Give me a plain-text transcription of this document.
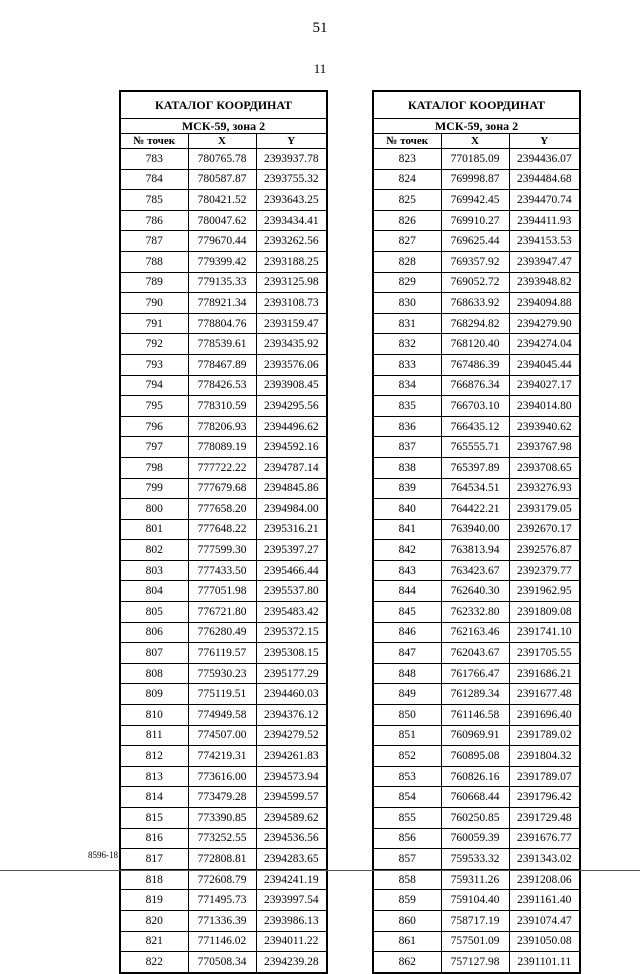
51
11
КАТАЛОГ КООРДИНАТ		
МСК-59, зона 2		
№ точек	X	Y
783	780765.78	2393937.78
784	780587.87	2393755.32
785	780421.52	2393643.25
786	780047.62	2393434.41
787	779670.44	2393262.56
788	779399.42	2393188.25
789	779135.33	2393125.98
790	778921.34	2393108.73
791	778804.76	2393159.47
792	778539.61	2393435.92
793	778467.89	2393576.06
794	778426.53	2393908.45
795	778310.59	2394295.56
796	778206.93	2394496.62
797	778089.19	2394592.16
798	777722.22	2394787.14
799	777679.68	2394845.86
800	777658.20	2394984.00
801	777648.22	2395316.21
802	777599.30	2395397.27
803	777433.50	2395466.44
804	777051.98	2395537.80
805	776721.80	2395483.42
806	776280.49	2395372.15
807	776119.57	2395308.15
808	775930.23	2395177.29
809	775119.51	2394460.03
810	774949.58	2394376.12
811	774507.00	2394279.52
812	774219.31	2394261.83
813	773616.00	2394573.94
814	773479.28	2394599.57
815	773390.85	2394589.62
816	773252.55	2394536.56
817	772808.81	2394283.65
818	772608.79	2394241.19
819	771495.73	2393997.54
820	771336.39	2393986.13
821	771146.02	2394011.22
822	770508.34	2394239.28
КАТАЛОГ КООРДИНАТ		
МСК-59, зона 2		
№ точек	X	Y
823	770185.09	2394436.07
824	769998.87	2394484.68
825	769942.45	2394470.74
826	769910.27	2394411.93
827	769625.44	2394153.53
828	769357.92	2393947.47
829	769052.72	2393948.82
830	768633.92	2394094.88
831	768294.82	2394279.90
832	768120.40	2394274.04
833	767486.39	2394045.44
834	766876.34	2394027.17
835	766703.10	2394014.80
836	766435.12	2393940.62
837	765555.71	2393767.98
838	765397.89	2393708.65
839	764534.51	2393276.93
840	764422.21	2393179.05
841	763940.00	2392670.17
842	763813.94	2392576.87
843	763423.67	2392379.77
844	762640.30	2391962.95
845	762332.80	2391809.08
846	762163.46	2391741.10
847	762043.67	2391705.55
848	761766.47	2391686.21
849	761289.34	2391677.48
850	761146.58	2391696.40
851	760969.91	2391789.02
852	760895.08	2391804.32
853	760826.16	2391789.07
854	760668.44	2391796.42
855	760250.85	2391729.48
856	760059.39	2391676.77
857	759533.32	2391343.02
858	759311.26	2391208.06
859	759104.40	2391161.40
860	758717.19	2391074.47
861	757501.09	2391050.08
862	757127.98	2391101.11
8596-18
